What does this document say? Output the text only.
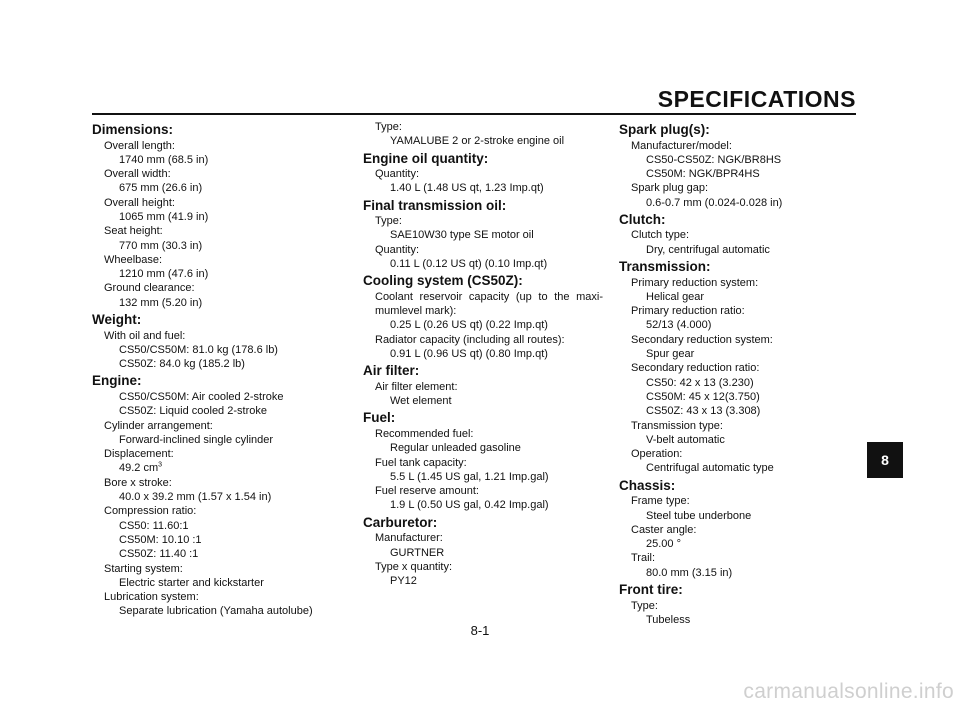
SPECIFICATIONS
Dimensions:
Overall length:
1740 mm (68.5 in)
Overall width:
675 mm (26.6 in)
Overall height:
1065 mm (41.9 in)
Seat height:
770 mm (30.3 in)
Wheelbase:
1210 mm (47.6 in)
Ground clearance:
132 mm (5.20 in)
Weight:
With oil and fuel:
CS50/CS50M: 81.0 kg (178.6 lb)
CS50Z: 84.0 kg (185.2 lb)
Engine:
CS50/CS50M: Air cooled 2-stroke
CS50Z: Liquid cooled 2-stroke
Cylinder arrangement:
Forward-inclined single cylinder
Displacement:
49.2 $cm^3$
Bore x stroke:
40.0 x 39.2 mm (1.57 x 1.54 in)
Compression ratio:
CS50: 11.60:1
CS50M: 10.10 :1
CS50Z: 11.40 :1
Starting system:
Electric starter and kickstarter
Lubrication system:
Separate lubrication (Yamaha autolube)
Type:
YAMALUBE 2 or 2-stroke engine oil
Engine oil quantity:
Quantity:
1.40 L (1.48 US qt, 1.23 Imp.qt)
Final transmission oil:
Type:
SAE10W30 type SE motor oil
Quantity:
0.11 L (0.12 US qt) (0.10 Imp.qt)
Cooling system (CS50Z):
Coolant reservoir capacity (up to the maxi-mumlevel mark):
0.25 L (0.26 US qt) (0.22 Imp.qt)
Radiator capacity (including all routes):
0.91 L (0.96 US qt) (0.80 Imp.qt)
Air filter:
Air filter element:
Wet element
Fuel:
Recommended fuel:
Regular unleaded gasoline
Fuel tank capacity:
5.5 L (1.45 US gal, 1.21 Imp.gal)
Fuel reserve amount:
1.9 L (0.50 US gal, 0.42 Imp.gal)
Carburetor:
Manufacturer:
GURTNER
Type x quantity:
PY12
Spark plug(s):
Manufacturer/model:
CS50-CS50Z: NGK/BR8HS
CS50M: NGK/BPR4HS
Spark plug gap:
0.6-0.7 mm (0.024-0.028 in)
Clutch:
Clutch type:
Dry, centrifugal automatic
Transmission:
Primary reduction system:
Helical gear
Primary reduction ratio:
52/13 (4.000)
Secondary reduction system:
Spur gear
Secondary reduction ratio:
CS50: 42 x 13 (3.230)
CS50M: 45 x 12(3.750)
CS50Z: 43 x 13 (3.308)
Transmission type:
V-belt automatic
Operation:
Centrifugal automatic type
Chassis:
Frame type:
Steel tube underbone
Caster angle:
25.00 °
Trail:
80.0 mm (3.15 in)
Front tire:
Type:
Tubeless
8
8-1
carmanualsonline.info
